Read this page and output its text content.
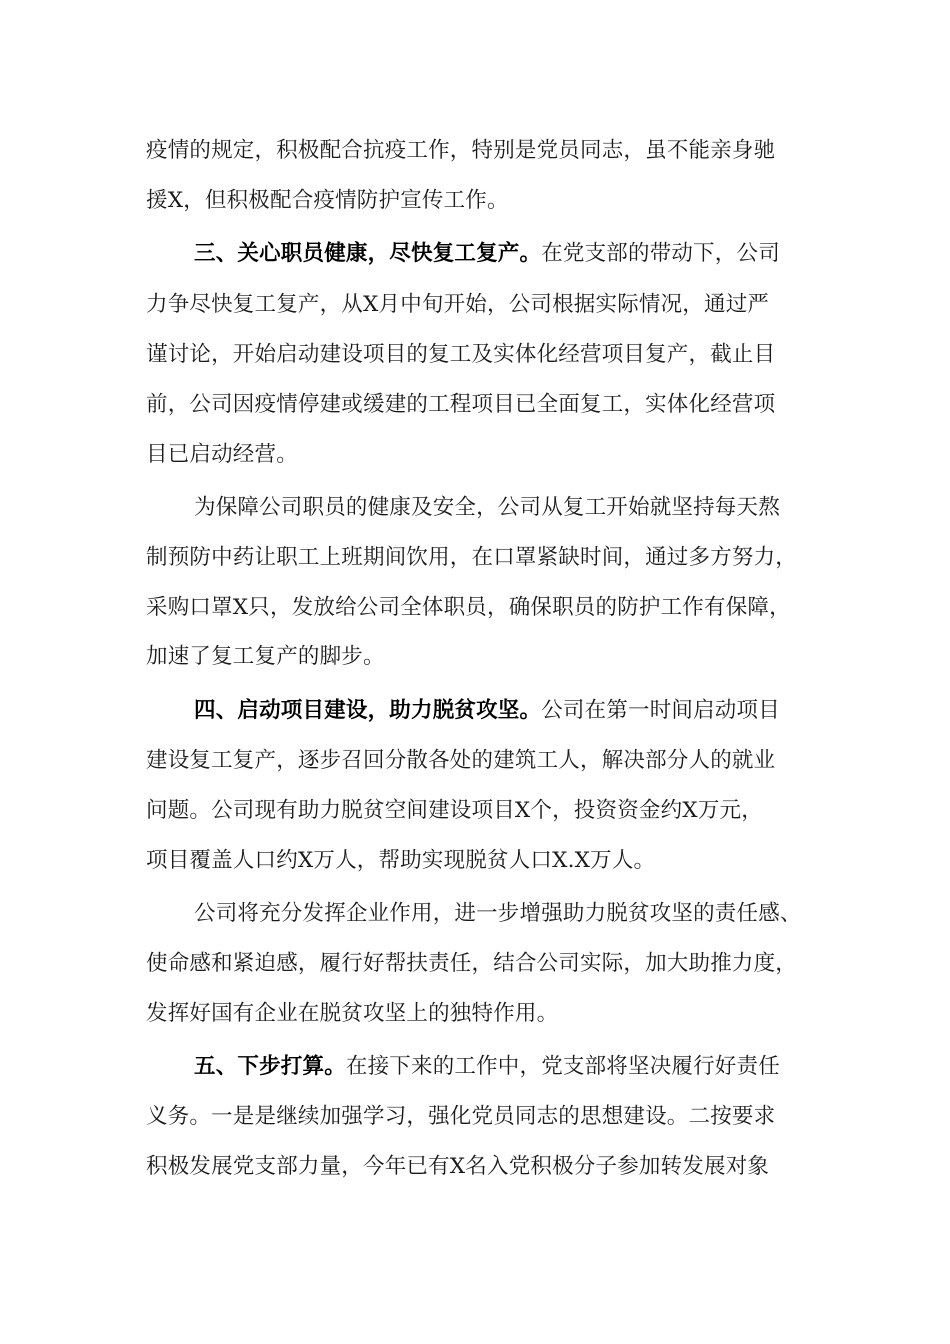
疫情的规定，积极配合抗疫工作，特别是党员同志，虽不能亲身驰
援X，但积极配合疫情防护宣传工作。
三、关心职员健康，尽快复工复产。在党支部的带动下，公司
力争尽快复工复产，从X月中旬开始，公司根据实际情况，通过严
谨讨论，开始启动建设项目的复工及实体化经营项目复产，截止目
前，公司因疫情停建或缓建的工程项目已全面复工，实体化经营项
目已启动经营。
为保障公司职员的健康及安全，公司从复工开始就坚持每天熬
制预防中药让职工上班期间饮用，在口罩紧缺时间，通过多方努力，
采购口罩X只，发放给公司全体职员，确保职员的防护工作有保障，
加速了复工复产的脚步。
四、启动项目建设，助力脱贫攻坚。公司在第一时间启动项目
建设复工复产，逐步召回分散各处的建筑工人，解决部分人的就业
问题。公司现有助力脱贫空间建设项目X个，投资资金约X万元，
项目覆盖人口约X万人，帮助实现脱贫人口X.X万人。
公司将充分发挥企业作用，进一步增强助力脱贫攻坚的责任感、
使命感和紧迫感，履行好帮扶责任，结合公司实际，加大助推力度，
发挥好国有企业在脱贫攻坚上的独特作用。
五、下步打算。在接下来的工作中，党支部将坚决履行好责任
义务。一是是继续加强学习，强化党员同志的思想建设。二按要求
积极发展党支部力量，今年已有X名入党积极分子参加转发展对象
